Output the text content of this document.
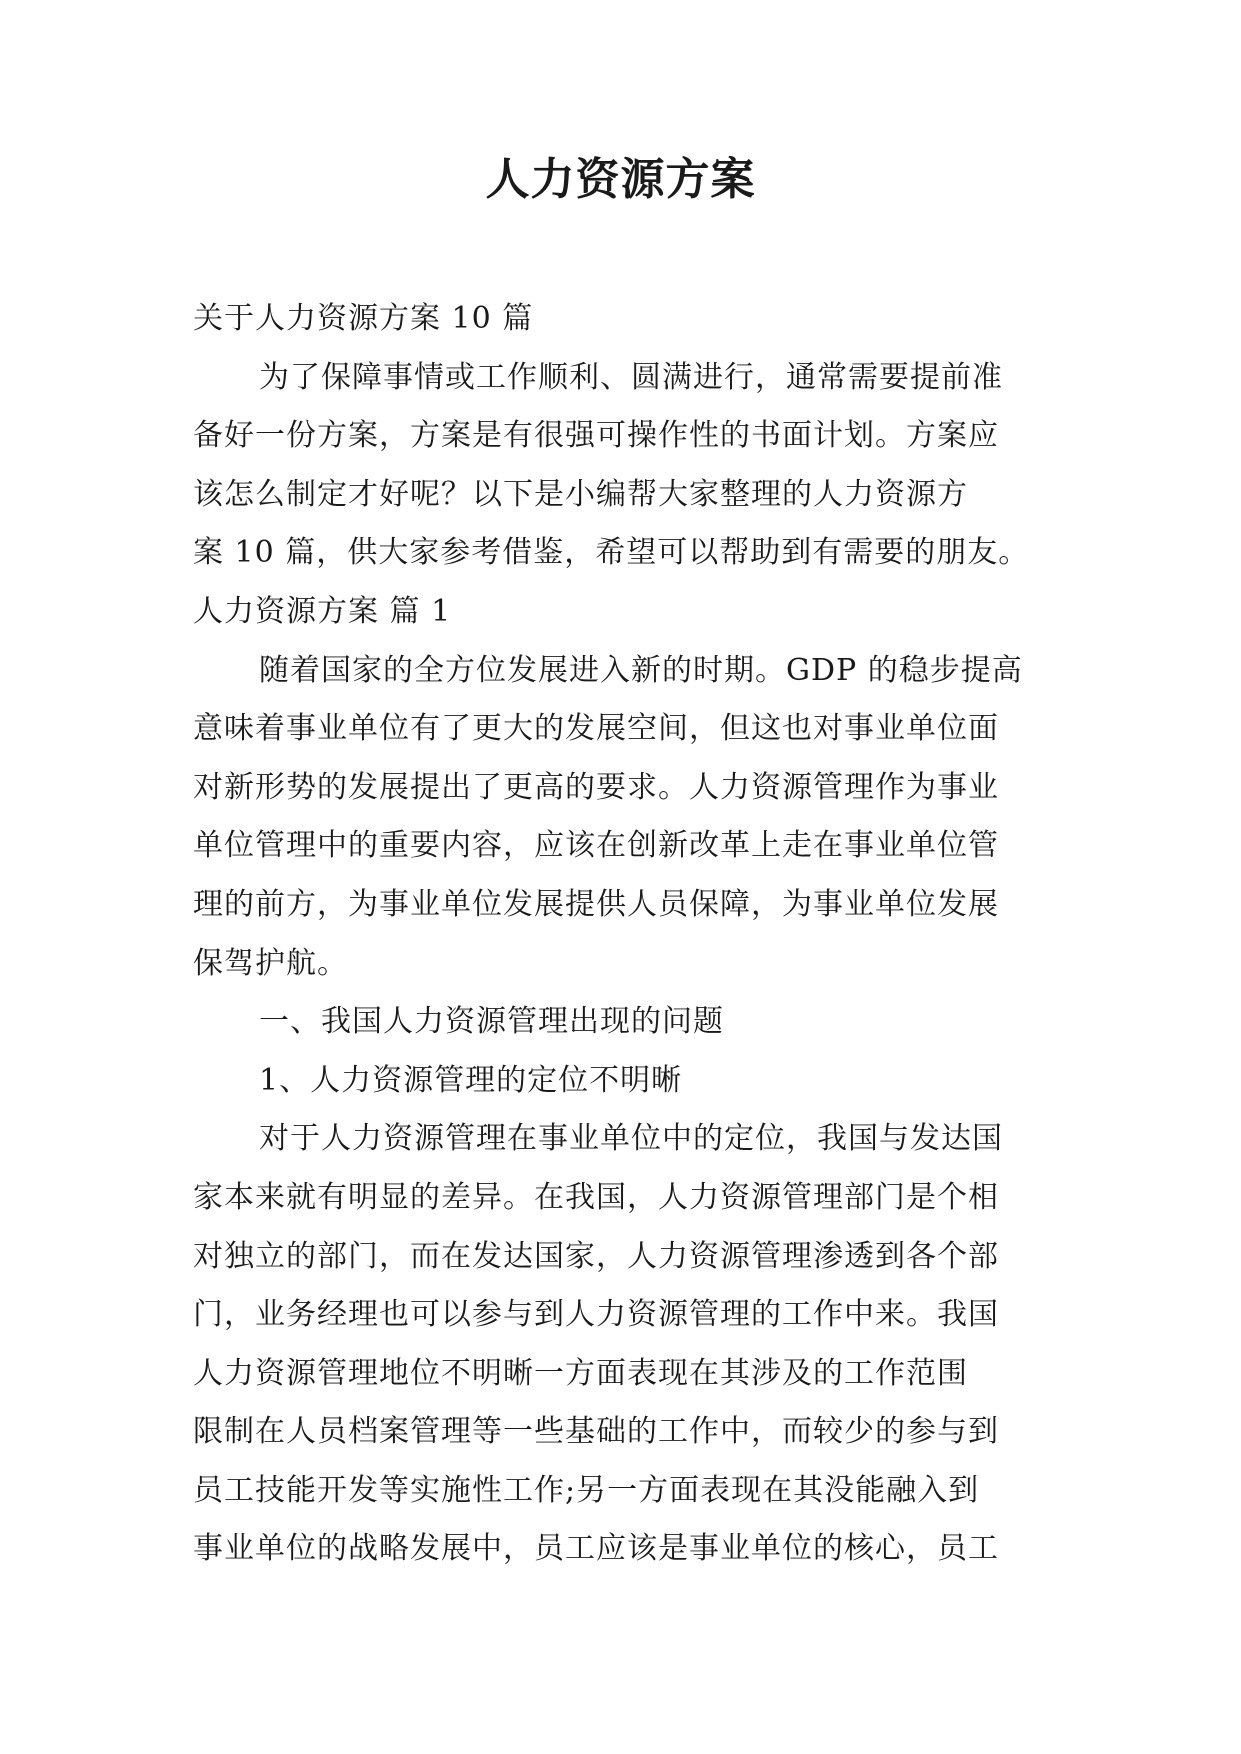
人力资源方案
关于人力资源方案 10 篇
为了保障事情或工作顺利、圆满进行，通常需要提前准
备好一份方案，方案是有很强可操作性的书面计划。方案应
该怎么制定才好呢？以下是小编帮大家整理的人力资源方
案 10 篇，供大家参考借鉴，希望可以帮助到有需要的朋友。
人力资源方案 篇 1
随着国家的全方位发展进入新的时期。GDP 的稳步提高
意味着事业单位有了更大的发展空间，但这也对事业单位面
对新形势的发展提出了更高的要求。人力资源管理作为事业
单位管理中的重要内容，应该在创新改革上走在事业单位管
理的前方，为事业单位发展提供人员保障，为事业单位发展
保驾护航。
一、我国人力资源管理出现的问题
1、人力资源管理的定位不明晰
对于人力资源管理在事业单位中的定位，我国与发达国
家本来就有明显的差异。在我国，人力资源管理部门是个相
对独立的部门，而在发达国家，人力资源管理渗透到各个部
门，业务经理也可以参与到人力资源管理的工作中来。我国
人力资源管理地位不明晰一方面表现在其涉及的工作范围
限制在人员档案管理等一些基础的工作中，而较少的参与到
员工技能开发等实施性工作;另一方面表现在其没能融入到
事业单位的战略发展中，员工应该是事业单位的核心，员工
